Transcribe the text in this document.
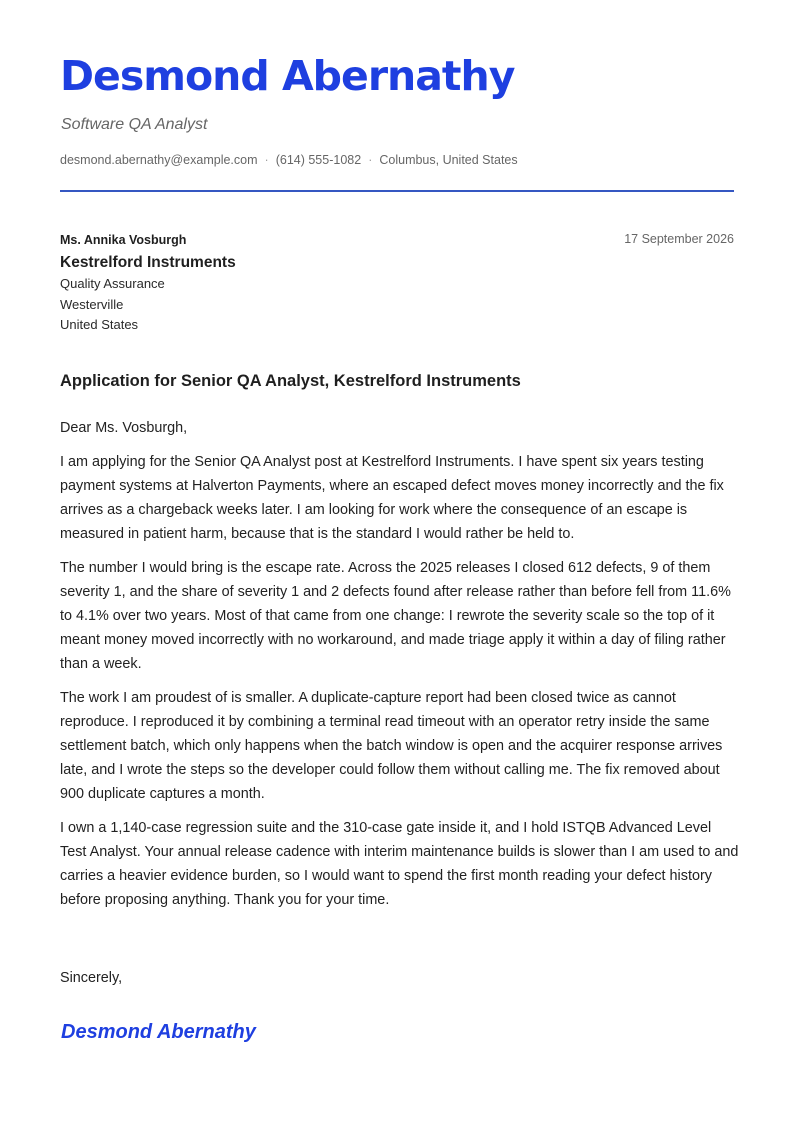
Desmond Abernathy
Software QA Analyst
desmond.abernathy@example.com · (614) 555-1082 · Columbus, United States
Ms. Annika Vosburgh
Kestrelford Instruments
Quality Assurance
Westerville
United States
17 September 2026
Application for Senior QA Analyst, Kestrelford Instruments

Dear Ms. Vosburgh,

I am applying for the Senior QA Analyst post at Kestrelford Instruments. I have spent six years testing payment systems at Halverton Payments, where an escaped defect moves money incorrectly and the fix arrives as a chargeback weeks later. I am looking for work where the consequence of an escape is measured in patient harm, because that is the standard I would rather be held to.

The number I would bring is the escape rate. Across the 2025 releases I closed 612 defects, 9 of them severity 1, and the share of severity 1 and 2 defects found after release rather than before fell from 11.6% to 4.1% over two years. Most of that came from one change: I rewrote the severity scale so the top of it meant money moved incorrectly with no workaround, and made triage apply it within a day of filing rather than a week.

The work I am proudest of is smaller. A duplicate-capture report had been closed twice as cannot reproduce. I reproduced it by combining a terminal read timeout with an operator retry inside the same settlement batch, which only happens when the batch window is open and the acquirer response arrives late, and I wrote the steps so the developer could follow them without calling me. The fix removed about 900 duplicate captures a month.

I own a 1,140-case regression suite and the 310-case gate inside it, and I hold ISTQB Advanced Level Test Analyst. Your annual release cadence with interim maintenance builds is slower than I am used to and carries a heavier evidence burden, so I would want to spend the first month reading your defect history before proposing anything. Thank you for your time.

Sincerely,
Desmond Abernathy
